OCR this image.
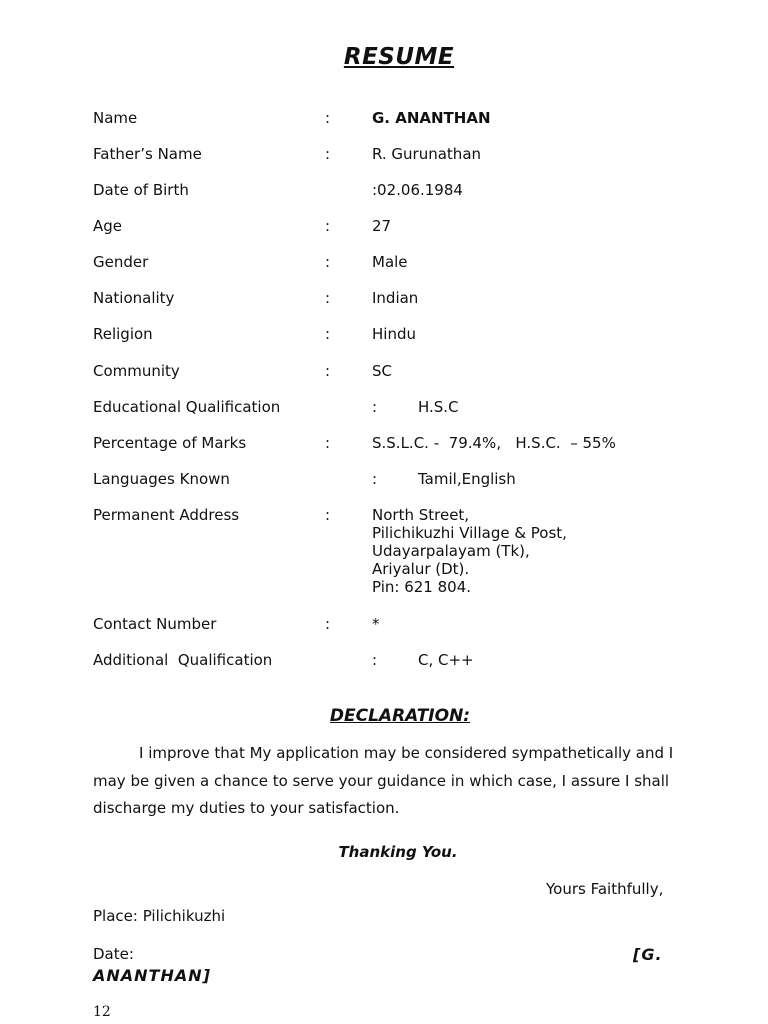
RESUME
Name	:	G. ANANTHAN
Father’s Name	:	R. Gurunathan
Date of Birth	:02.06.1984
Age	:	27
Gender	:	Male
Nationality	:	Indian
Religion	:	Hindu
Community	:	SC
Educational Qualification	:	H.S.C
Percentage of Marks	:	S.S.L.C. -  79.4%,   H.S.C.  – 55%
Languages Known	:	Tamil,English
Permanent Address	:	North Street,
Pilichikuzhi Village & Post,
Udayarpalayam (Tk),
Ariyalur (Dt).
Pin: 621 804.
Contact Number	:	*
Additional  Qualification	:	C, C++
DECLARATION:

I improve that My application may be considered sympathetically and I may be given a chance to serve your guidance in which case, I assure I shall discharge my duties to your satisfaction.

Thanking You.
Yours Faithfully,
Place: Pilichikuzhi
Date:	[G.
ANANTHAN]
12
